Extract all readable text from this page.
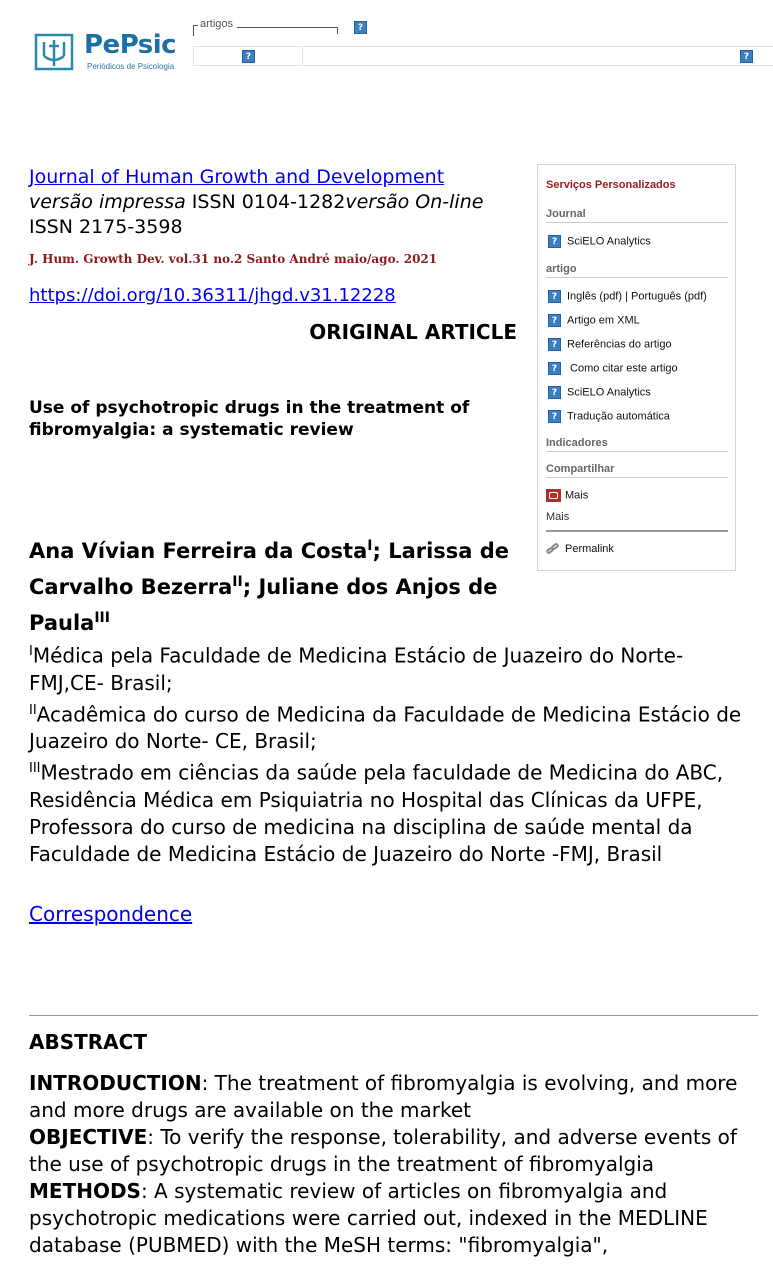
PePsic
Periódicos de Psicologia
artigos	?
?	?
Journal of Human Growth and Development
versão impressa ISSN 0104-1282versão On-line ISSN 2175-3598
J. Hum. Growth Dev. vol.31 no.2 Santo André maio/ago. 2021
https://doi.org/10.36311/jhgd.v31.12228
ORIGINAL ARTICLE
Use of psychotropic drugs in the treatment of fibromyalgia: a systematic review
Ana Vívian Ferreira da Costa$^I$; Larissa de Carvalho Bezerra$^{II}$; Juliane dos Anjos de Paula$^{III}$

$^I$Médica pela Faculdade de Medicina Estácio de Juazeiro do Norte- FMJ,CE- Brasil;

$^{II}$Acadêmica do curso de Medicina da Faculdade de Medicina Estácio de Juazeiro do Norte- CE, Brasil;

$^{III}$Mestrado em ciências da saúde pela faculdade de Medicina do ABC, Residência Médica em Psiquiatria no Hospital das Clínicas da UFPE, Professora do curso de medicina na disciplina de saúde mental da Faculdade de Medicina Estácio de Juazeiro do Norte -FMJ, Brasil

Correspondence
ABSTRACT

INTRODUCTION: The treatment of fibromyalgia is evolving, and more and more drugs are available on the market

OBJECTIVE: To verify the response, tolerability, and adverse events of the use of psychotropic drugs in the treatment of fibromyalgia

METHODS: A systematic review of articles on fibromyalgia and psychotropic medications were carried out, indexed in the MEDLINE database (PUBMED) with the MeSH terms: "fibromyalgia",

Serviços Personalizados
Journal
? SciELO Analytics
artigo
? Inglês (pdf) | Português (pdf)
? Artigo em XML
? Referências do artigo
? Como citar este artigo
? SciELO Analytics
? Tradução automática
Indicadores
Compartilhar
Mais
Mais
Permalink
